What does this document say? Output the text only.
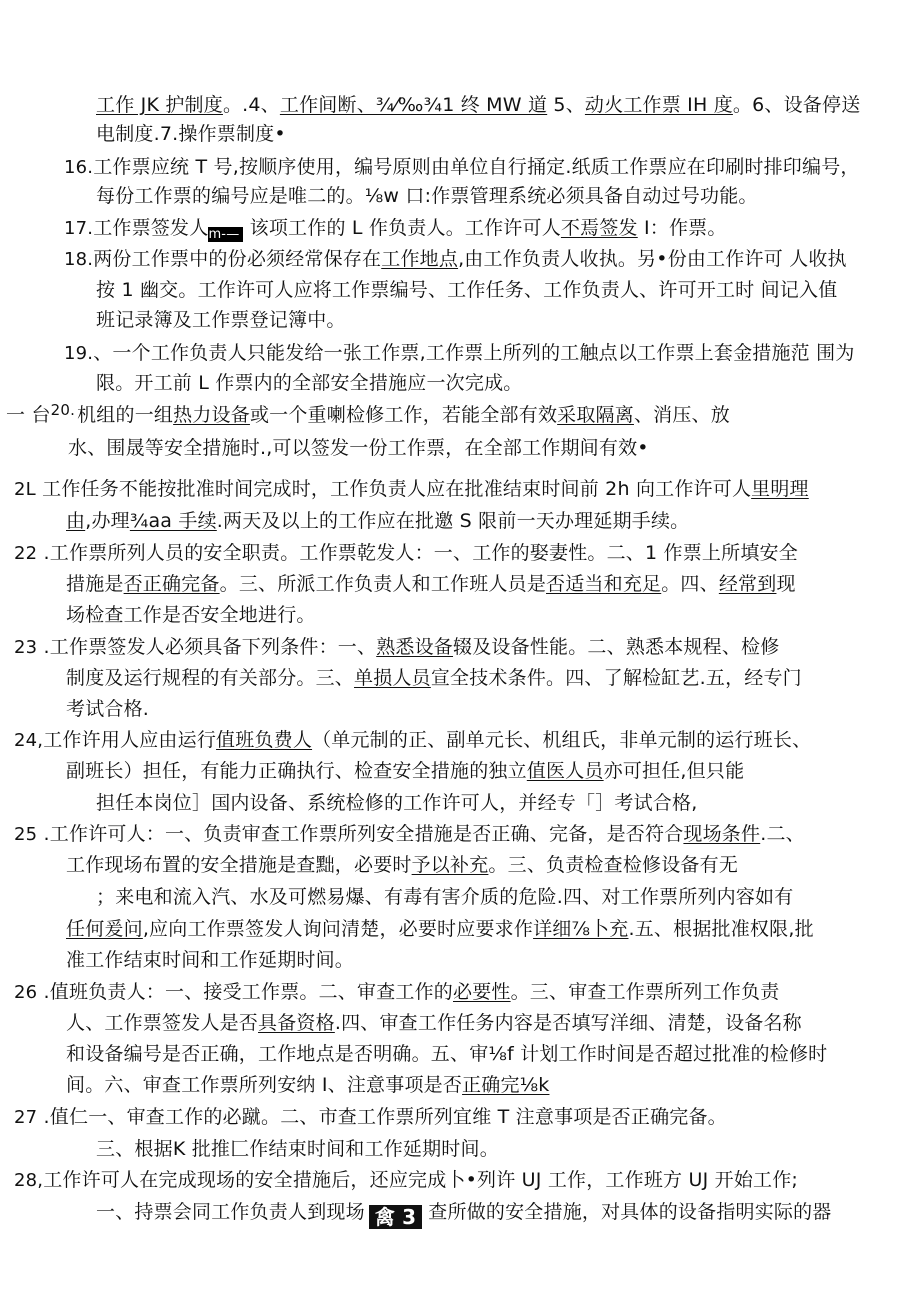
工作 JK 护制度。.4、工作间断、¾⁄‰¾1 终 MW 道 5、动火工作票 IH 度。6、设备停送
电制度.7.操作票制度•
16.工作票应统 T 号,按顺序使用，编号原则由单位自行捅定.纸质工作票应在印刷时排印编号，
每份工作票的编号应是唯二的。⅛w 口:作票管理系统必须具备自动过号功能。
17.工作票签发人$_{m-—}$ 该项工作的 L 作负责人。工作许可人不焉签发 I：作票。
18.两份工作票中的份必须经常保存在工作地点,由工作负责人收执。另•份由工作许可 人收执
按 1 幽交。工作许可人应将工作票编号、工作任务、工作负责人、许可开工时 间记入值
班记录簿及工作票登记簿中。
19.、一个工作负责人只能发给一张工作票,工作票上所列的工触点以工作票上套金措施范 围为
限。开工前 L 作票内的全部安全措施应一次完成。
一 台$^{20.}$ 机组的一组热力设备或一个重喇检修工作，若能全部有效采取隔离、消压、放
水、围晟等安全措施时.,可以签发一份工作票，在全部工作期间有效•
2L 工作任务不能按批准时间完成时，工作负责人应在批准结束时间前 2h 向工作许可人里明理
由,办理¾aa 手续.两天及以上的工作应在批邀 S 限前一天办理延期手续。
22 .工作票所列人员的安全职责。工作票乾发人：一、工作的娶妻性。二、1 作票上所填安全
措施是否正确完备。三、所派工作负责人和工作班人员是否适当和充足。四、经常到现
场检查工作是否安全地进行。
23 .工作票签发人必须具备下列条件：一、熟悉设备辍及设备性能。二、熟悉本规程、检修
制度及运行规程的有关部分。三、单损人员宣全技术条件。四、了解检缸艺.五，经专门
考试合格.
24,工作许用人应由运行值班负费人（单元制的正、副单元长、机组氏，非单元制的运行班长、
副班长）担任，有能力正确执行、检查安全措施的独立值医人员亦可担任,但只能
担任本岗位］国内设备、系统检修的工作许可人，并经专「］考试合格,
25 .工作许可人：一、负责审查工作票所列安全措施是否正确、完备，是否符合现场条件.二、
工作现场布置的安全措施是查黜，必要时予以补充。三、负责检查检修设备有无
；来电和流入汽、水及可燃易爆、有毒有害介质的危险.四、对工作票所列内容如有
任何爰问,应向工作票签发人询问清楚，必要时应要求作详细⅞卜充.五、根据批准权限,批
准工作结束时间和工作延期时间。
26 .值班负责人：一、接受工作票。二、审查工作的必要性。三、审查工作票所列工作负责
人、工作票签发人是否具备资格.四、审查工作任务内容是否填写洋细、清楚，设备名称
和设备编号是否正确，工作地点是否明确。五、审⅛f 计划工作时间是否超过批准的检修时
间。六、审查工作票所列安纳 I、注意事项是否正确完⅛k
27 .值仁一、审查工作的必蹴。二、市查工作票所列宜维 T 注意事项是否正确完备。
三、根据K 批推匚作结束时间和工作延期时间。
28,工作许可人在完成现场的安全措施后，还应完成卜•列许 UJ 工作，工作班方 UJ 开始工作;
一、持票会同工作负责人到现场 禽 3 查所做的安全措施，对具体的设备指明实际的器
